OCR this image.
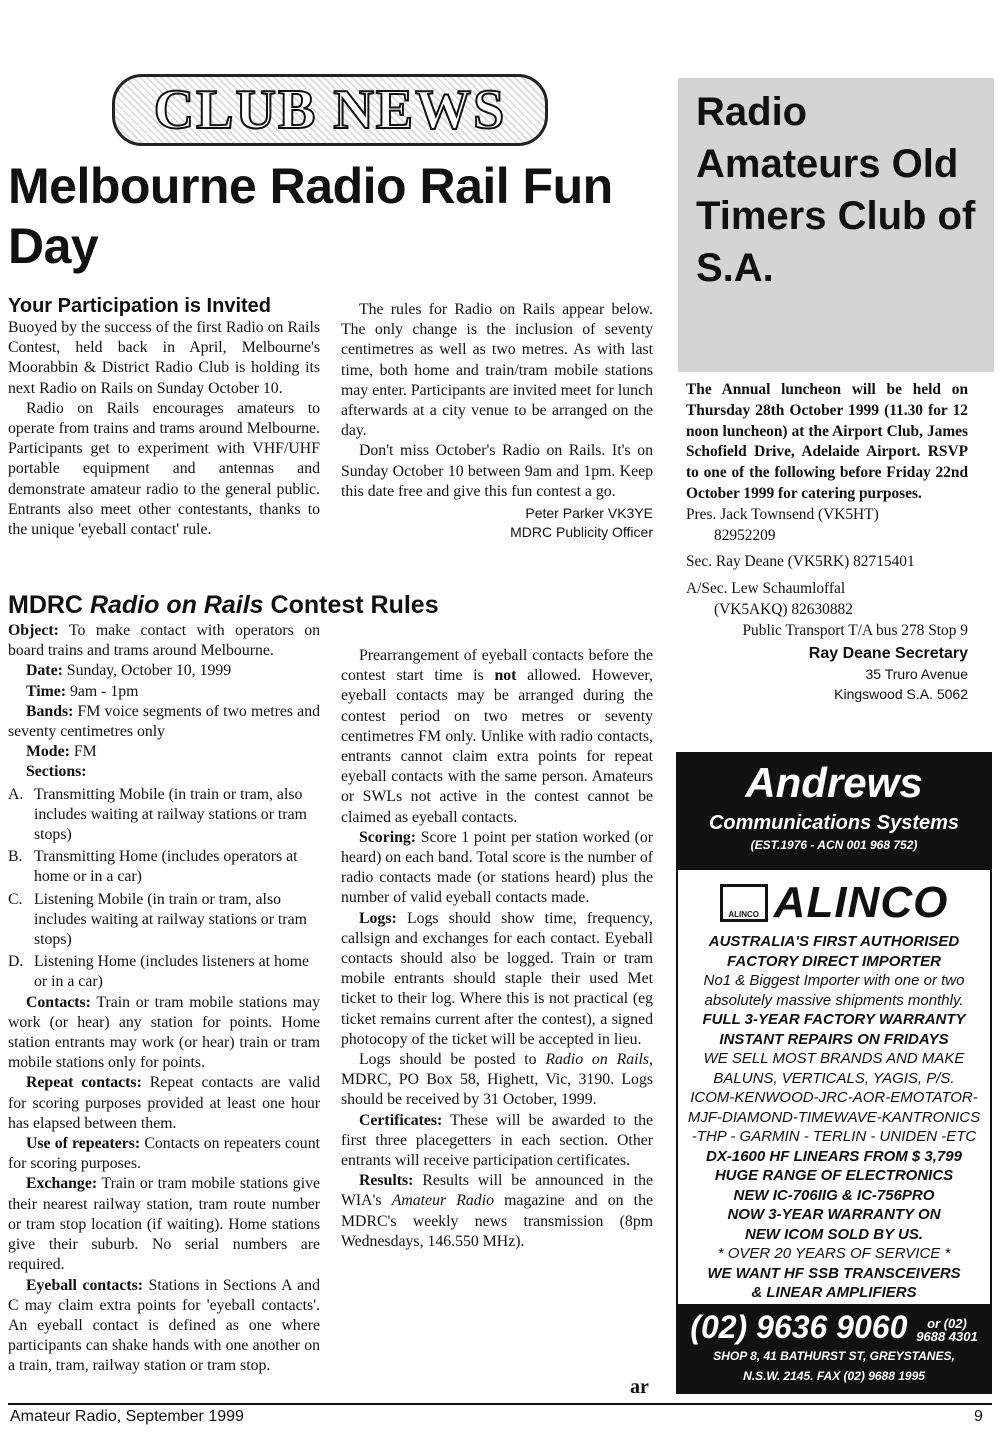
CLUB NEWS
Melbourne Radio Rail Fun Day
Your Participation is Invited

Buoyed by the success of the first Radio on Rails Contest, held back in April, Melbourne's Moorabbin & District Radio Club is holding its next Radio on Rails on Sunday October 10.

Radio on Rails encourages amateurs to operate from trains and trams around Melbourne. Participants get to experiment with VHF/UHF portable equipment and antennas and demonstrate amateur radio to the general public. Entrants also meet other contestants, thanks to the unique 'eyeball contact' rule.

The rules for Radio on Rails appear below. The only change is the inclusion of seventy centimetres as well as two metres. As with last time, both home and train/tram mobile stations may enter. Participants are invited meet for lunch afterwards at a city venue to be arranged on the day.

Don't miss October's Radio on Rails. It's on Sunday October 10 between 9am and 1pm. Keep this date free and give this fun contest a go.

Peter Parker VK3YE
MDRC Publicity Officer
MDRC Radio on Rails Contest Rules

Object: To make contact with operators on board trains and trams around Melbourne.

Date: Sunday, October 10, 1999

Time: 9am - 1pm

Bands: FM voice segments of two metres and seventy centimetres only

Mode: FM

Sections:

A. Transmitting Mobile (in train or tram, also includes waiting at railway stations or tram stops)
B. Transmitting Home (includes operators at home or in a car)
C. Listening Mobile (in train or tram, also includes waiting at railway stations or tram stops)
D. Listening Home (includes listeners at home or in a car)

Contacts: Train or tram mobile stations may work (or hear) any station for points. Home station entrants may work (or hear) train or tram mobile stations only for points.

Repeat contacts: Repeat contacts are valid for scoring purposes provided at least one hour has elapsed between them.

Use of repeaters: Contacts on repeaters count for scoring purposes.

Exchange: Train or tram mobile stations give their nearest railway station, tram route number or tram stop location (if waiting). Home stations give their suburb. No serial numbers are required.

Eyeball contacts: Stations in Sections A and C may claim extra points for 'eyeball contacts'. An eyeball contact is defined as one where participants can shake hands with one another on a train, tram, railway station or tram stop.

Prearrangement of eyeball contacts before the contest start time is not allowed. However, eyeball contacts may be arranged during the contest period on two metres or seventy centimetres FM only. Unlike with radio contacts, entrants cannot claim extra points for repeat eyeball contacts with the same person. Amateurs or SWLs not active in the contest cannot be claimed as eyeball contacts.

Scoring: Score 1 point per station worked (or heard) on each band. Total score is the number of radio contacts made (or stations heard) plus the number of valid eyeball contacts made.

Logs: Logs should show time, frequency, callsign and exchanges for each contact. Eyeball contacts should also be logged. Train or tram mobile entrants should staple their used Met ticket to their log. Where this is not practical (eg ticket remains current after the contest), a signed photocopy of the ticket will be accepted in lieu.

Logs should be posted to Radio on Rails, MDRC, PO Box 58, Highett, Vic, 3190. Logs should be received by 31 October, 1999.

Certificates: These will be awarded to the first three placegetters in each section. Other entrants will receive participation certificates.

Results: Results will be announced in the WIA's Amateur Radio magazine and on the MDRC's weekly news transmission (8pm Wednesdays, 146.550 MHz).

ar
Radio Amateurs Old Timers Club of S.A.

The Annual luncheon will be held on Thursday 28th October 1999 (11.30 for 12 noon luncheon) at the Airport Club, James Schofield Drive, Adelaide Airport. RSVP to one of the following before Friday 22nd October 1999 for catering purposes.

Pres. Jack Townsend (VK5HT)

82952209

Sec. Ray Deane (VK5RK) 82715401

A/Sec. Lew Schaumloffal

(VK5AKQ) 82630882

Public Transport T/A bus 278 Stop 9

Ray Deane Secretary
35 Truro Avenue
Kingswood S.A. 5062
Andrews
Communications Systems
(EST.1976 - ACN 001 968 752)
ALINCO ALINCO
AUSTRALIA'S FIRST AUTHORISED
FACTORY DIRECT IMPORTER
No1 & Biggest Importer with one or two
absolutely massive shipments monthly.
FULL 3-YEAR FACTORY WARRANTY
INSTANT REPAIRS ON FRIDAYS
WE SELL MOST BRANDS AND MAKE
BALUNS, VERTICALS, YAGIS, P/S.
ICOM-KENWOOD-JRC-AOR-EMOTATOR-
MJF-DIAMOND-TIMEWAVE-KANTRONICS
-THP - GARMIN - TERLIN - UNIDEN -ETC
DX-1600 HF LINEARS FROM $ 3,799
HUGE RANGE OF ELECTRONICS
NEW IC-706IIG & IC-756PRO
NOW 3-YEAR WARRANTY ON
NEW ICOM SOLD BY US.
* OVER 20 YEARS OF SERVICE *
WE WANT HF SSB TRANSCEIVERS
& LINEAR AMPLIFIERS
(02) 9636 9060 or (02)
9688 4301
SHOP 8, 41 BATHURST ST, GREYSTANES,
N.S.W. 2145. FAX (02) 9688 1995
Amateur Radio, September 1999	9
